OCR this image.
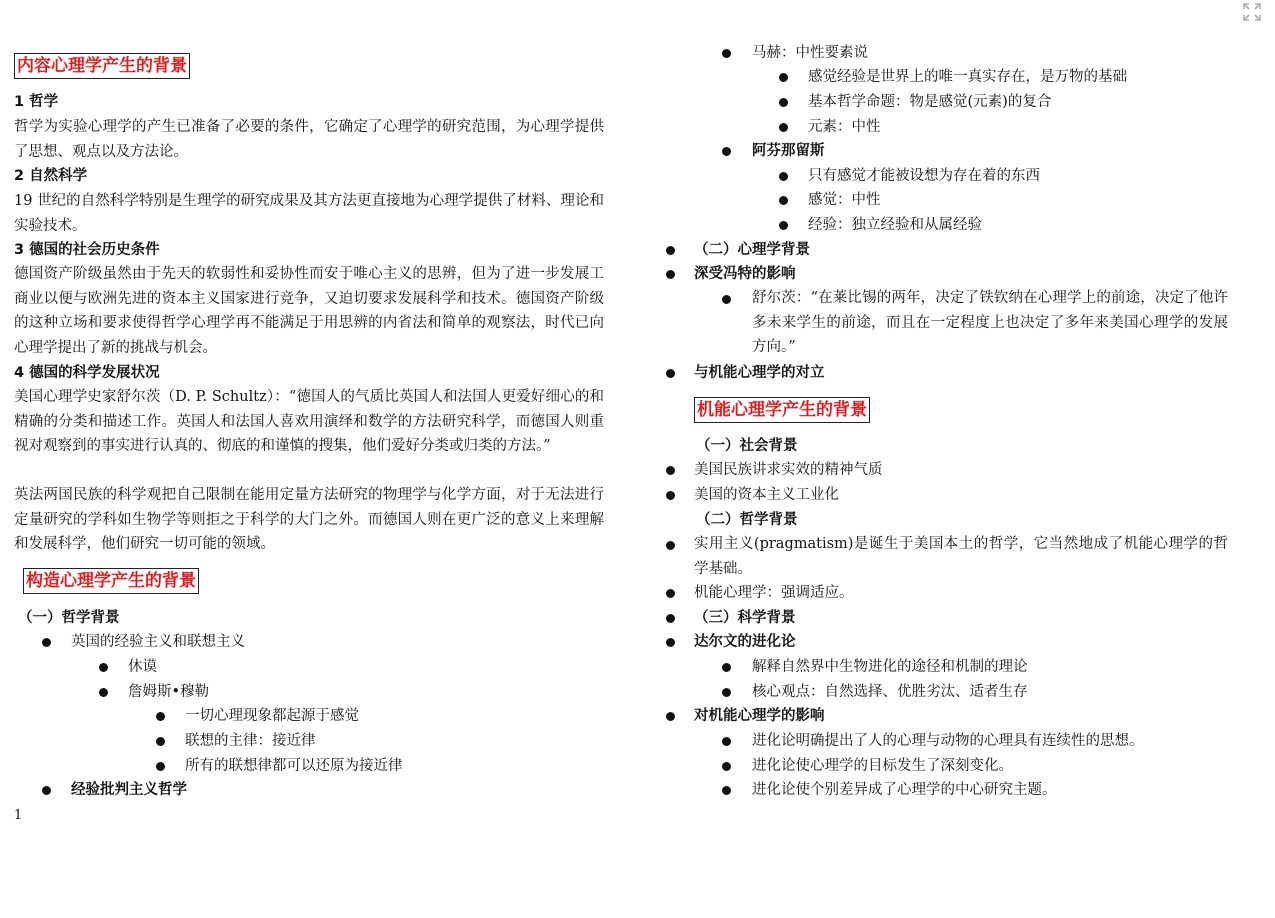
内容心理学产生的背景
1 哲学
哲学为实验心理学的产生已准备了必要的条件，它确定了心理学的研究范围，为心理学提供了思想、观点以及方法论。
2 自然科学
19 世纪的自然科学特别是生理学的研究成果及其方法更直接地为心理学提供了材料、理论和实验技术。
3 德国的社会历史条件
德国资产阶级虽然由于先天的软弱性和妥协性而安于唯心主义的思辨，但为了进一步发展工商业以便与欧洲先进的资本主义国家进行竞争，又迫切要求发展科学和技术。德国资产阶级的这种立场和要求使得哲学心理学再不能满足于用思辨的内省法和简单的观察法，时代已向心理学提出了新的挑战与机会。
4 德国的科学发展状况
美国心理学史家舒尔茨（D. P. Schultz）：“德国人的气质比英国人和法国人更爱好细心的和精确的分类和描述工作。英国人和法国人喜欢用演绎和数学的方法研究科学，而德国人则重视对观察到的事实进行认真的、彻底的和谨慎的搜集，他们爱好分类或归类的方法。”
英法两国民族的科学观把自己限制在能用定量方法研究的物理学与化学方面，对于无法进行定量研究的学科如生物学等则拒之于科学的大门之外。而德国人则在更广泛的意义上来理解和发展科学，他们研究一切可能的领域。
构造心理学产生的背景
（一）哲学背景
英国的经验主义和联想主义
休谟
詹姆斯•穆勒
一切心理现象都起源于感觉
联想的主律：接近律
所有的联想律都可以还原为接近律
经验批判主义哲学
1
马赫：中性要素说
感觉经验是世界上的唯一真实存在，是万物的基础
基本哲学命题：物是感觉(元素)的复合
元素：中性
阿芬那留斯
只有感觉才能被设想为存在着的东西
感觉：中性
经验：独立经验和从属经验
（二）心理学背景
深受冯特的影响
舒尔茨：“在莱比锡的两年，决定了铁钦纳在心理学上的前途，决定了他许多未来学生的前途，而且在一定程度上也决定了多年来美国心理学的发展方向。”
与机能心理学的对立
机能心理学产生的背景
（一）社会背景
美国民族讲求实效的精神气质
美国的资本主义工业化
（二）哲学背景
实用主义(pragmatism)是诞生于美国本土的哲学，它当然地成了机能心理学的哲学基础。
机能心理学：强调适应。
（三）科学背景
达尔文的进化论
解释自然界中生物进化的途径和机制的理论
核心观点：自然选择、优胜劣汰、适者生存
对机能心理学的影响
进化论明确提出了人的心理与动物的心理具有连续性的思想。
进化论使心理学的目标发生了深刻变化。
进化论使个别差异成了心理学的中心研究主题。
